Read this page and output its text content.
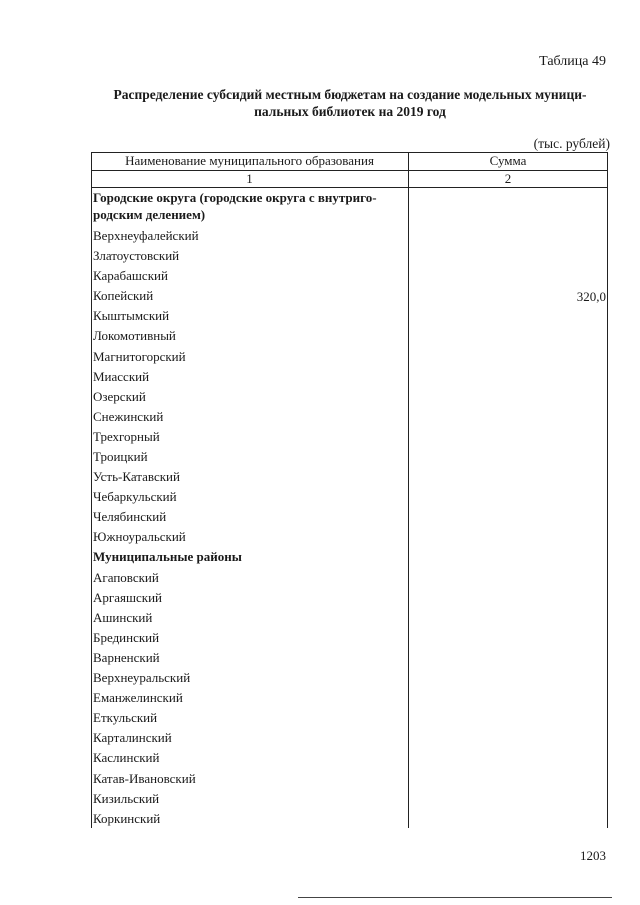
Таблица 49
Распределение субсидий местным бюджетам на создание модельных муници-пальных библиотек на 2019 год
(тыс. рублей)
Наименование муниципального образования	Сумма
1	2
Городские округа (городские округа с внутриго-родским делением)
Верхнеуфалейский
Златоустовский
Карабашский
Копейский
Кыштымский
Локомотивный
Магнитогорский
Миасский
Озерский
Снежинский
Трехгорный
Троицкий
Усть-Катавский
Чебаркульский
Челябинский
Южноуральский
Муниципальные районы
Агаповский
Аргаяшский
Ашинский
Брединский
Варненский
Верхнеуральский
Еманжелинский
Еткульский
Карталинский
Каслинский
Катав-Ивановский
Кизильский
Коркинский
320,0
1203
